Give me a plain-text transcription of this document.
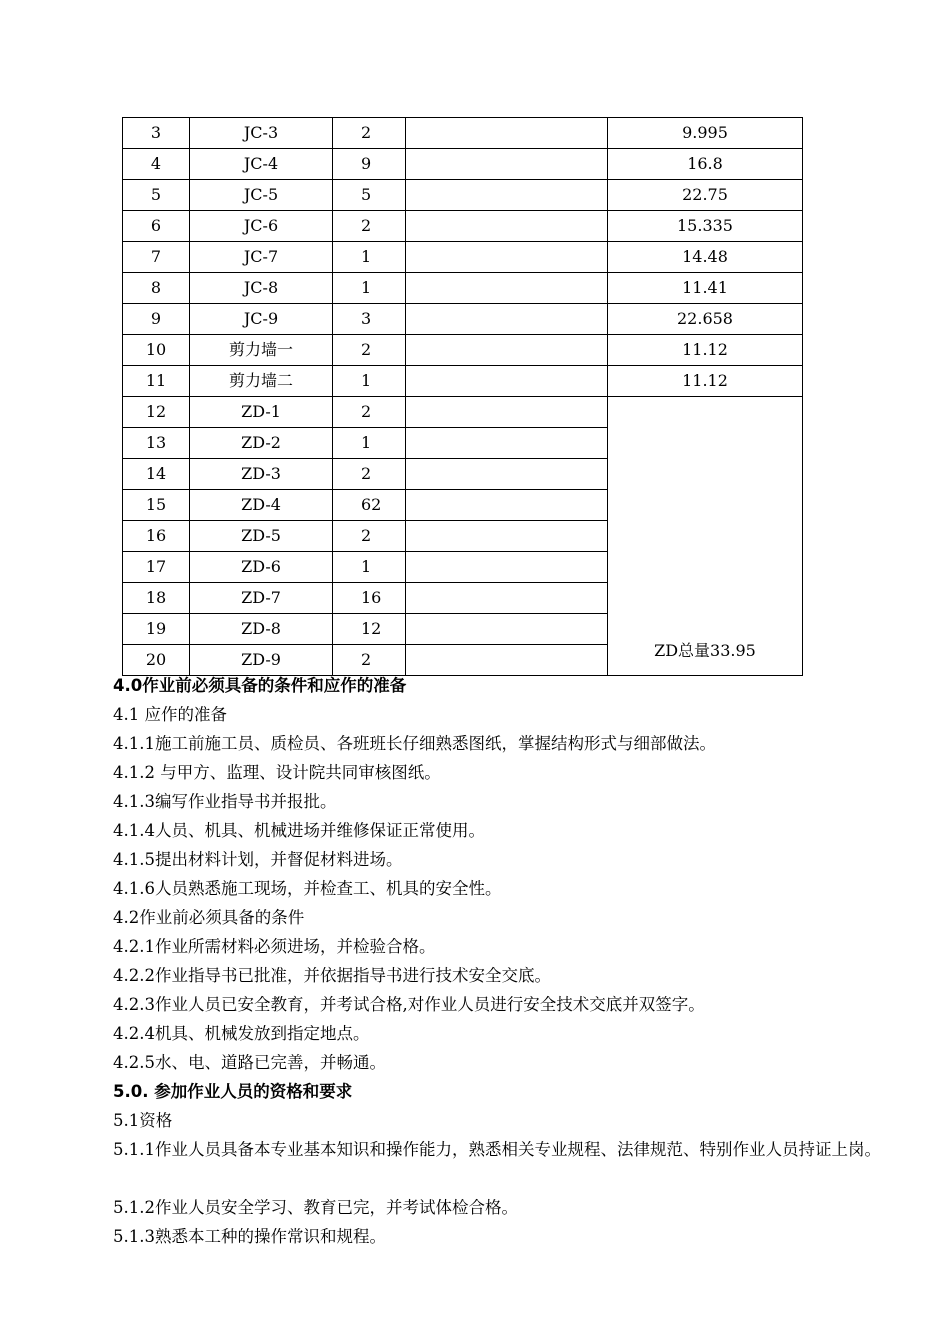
3	JC-3	2		9.995
4	JC-4	9		16.8
5	JC-5	5		22.75
6	JC-6	2		15.335
7	JC-7	1		14.48
8	JC-8	1		11.41
9	JC-9	3		22.658
10	剪力墙一	2		11.12
11	剪力墙二	1		11.12
12	ZD-1	2		ZD总量33.95
13	ZD-2	1		
14	ZD-3	2		
15	ZD-4	62		
16	ZD-5	2		
17	ZD-6	1		
18	ZD-7	16		
19	ZD-8	12		
20	ZD-9	2		
4.0作业前必须具备的条件和应作的准备
4.1 应作的准备
4.1.1施工前施工员、质检员、各班班长仔细熟悉图纸，掌握结构形式与细部做法。
4.1.2 与甲方、监理、设计院共同审核图纸。
4.1.3编写作业指导书并报批。
4.1.4人员、机具、机械进场并维修保证正常使用。
4.1.5提出材料计划，并督促材料进场。
4.1.6人员熟悉施工现场，并检查工、机具的安全性。
4.2作业前必须具备的条件
4.2.1作业所需材料必须进场，并检验合格。
4.2.2作业指导书已批准，并依据指导书进行技术安全交底。
4.2.3作业人员已安全教育，并考试合格,对作业人员进行安全技术交底并双签字。
4.2.4机具、机械发放到指定地点。
4.2.5水、电、道路已完善，并畅通。
5.0. 参加作业人员的资格和要求
5.1资格
5.1.1作业人员具备本专业基本知识和操作能力，熟悉相关专业规程、法律规范、特别作业人员持证上岗。
5.1.2作业人员安全学习、教育已完，并考试体检合格。
5.1.3熟悉本工种的操作常识和规程。
